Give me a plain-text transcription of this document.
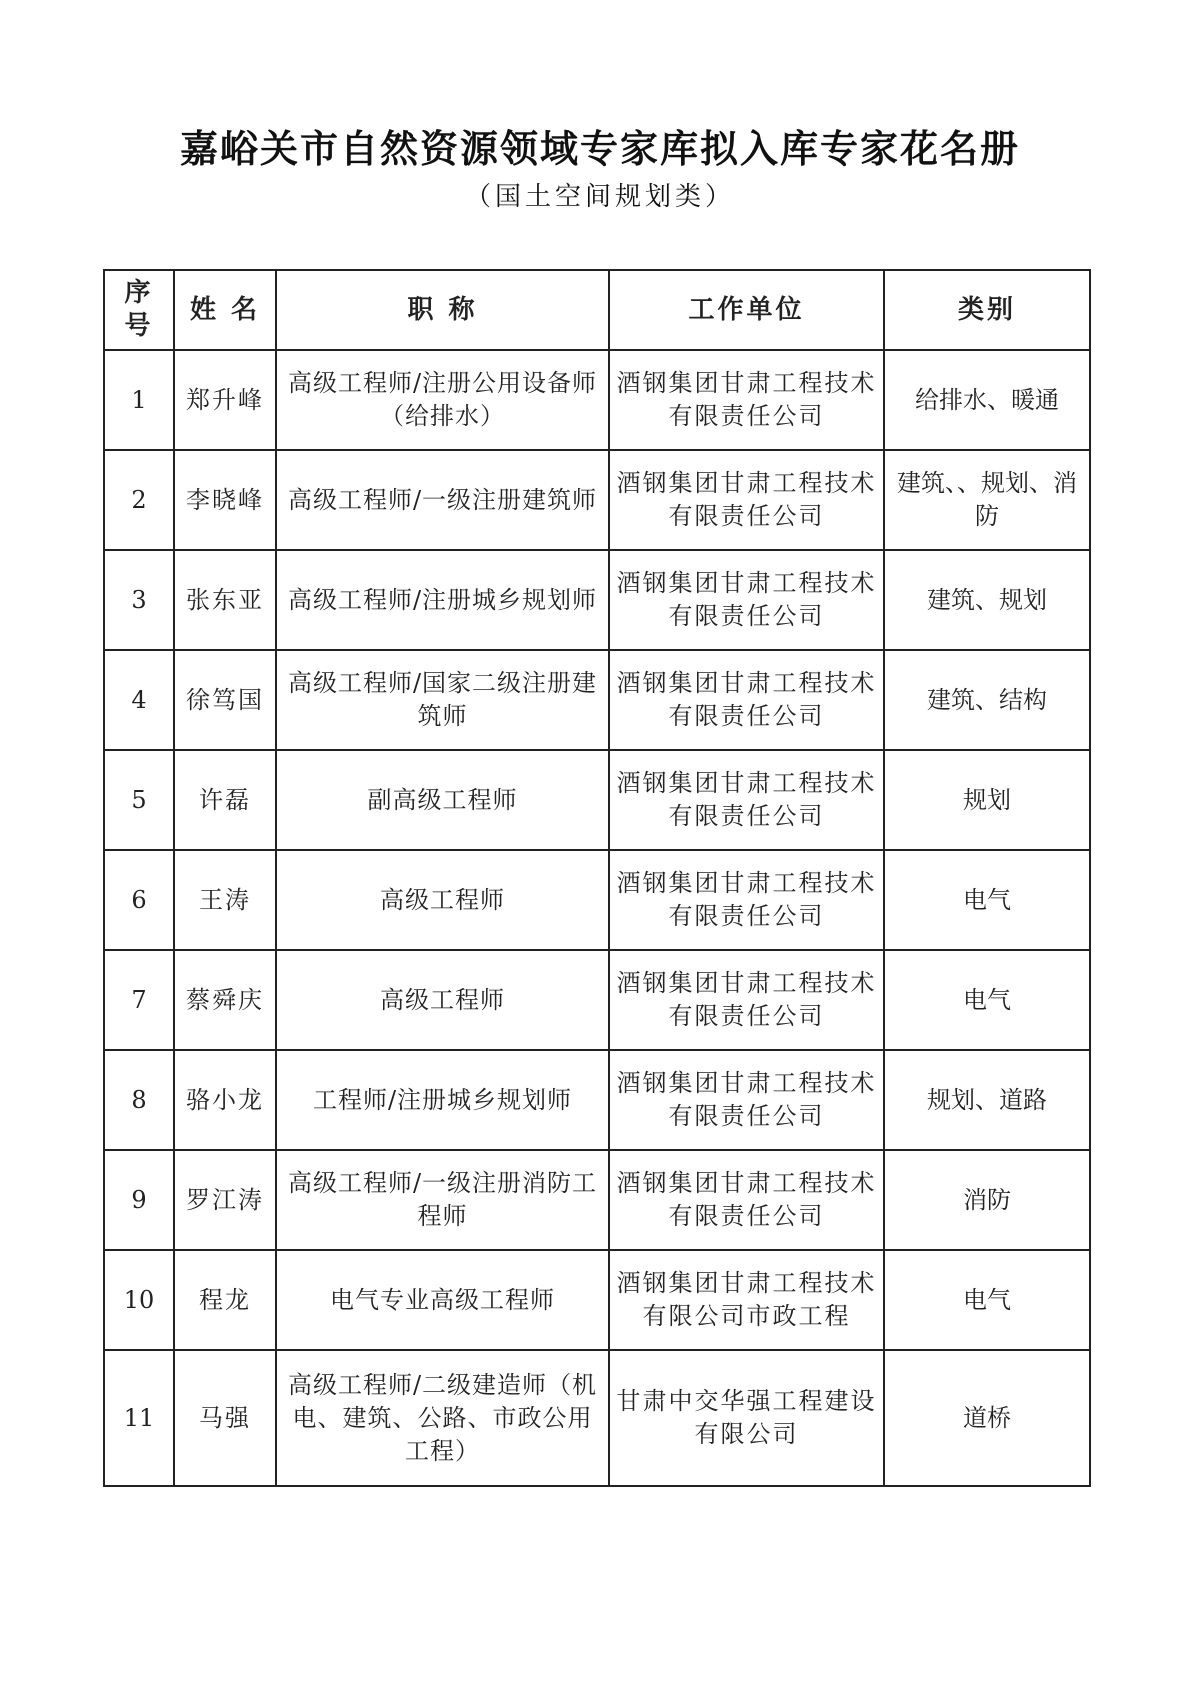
嘉峪关市自然资源领域专家库拟入库专家花名册
（国土空间规划类）
序号	姓 名	职 称	工作单位	类别
1	郑升峰	高级工程师/注册公用设备师（给排水）	酒钢集团甘肃工程技术有限责任公司	给排水、暖通
2	李晓峰	高级工程师/一级注册建筑师	酒钢集团甘肃工程技术有限责任公司	建筑、、规划、消防
3	张东亚	高级工程师/注册城乡规划师	酒钢集团甘肃工程技术有限责任公司	建筑、规划
4	徐笃国	高级工程师/国家二级注册建筑师	酒钢集团甘肃工程技术有限责任公司	建筑、结构
5	许磊	副高级工程师	酒钢集团甘肃工程技术有限责任公司	规划
6	王涛	高级工程师	酒钢集团甘肃工程技术有限责任公司	电气
7	蔡舜庆	高级工程师	酒钢集团甘肃工程技术有限责任公司	电气
8	骆小龙	工程师/注册城乡规划师	酒钢集团甘肃工程技术有限责任公司	规划、道路
9	罗江涛	高级工程师/一级注册消防工程师	酒钢集团甘肃工程技术有限责任公司	消防
10	程龙	电气专业高级工程师	酒钢集团甘肃工程技术有限公司市政工程	电气
11	马强	高级工程师/二级建造师（机电、建筑、公路、市政公用工程）	甘肃中交华强工程建设有限公司	道桥
